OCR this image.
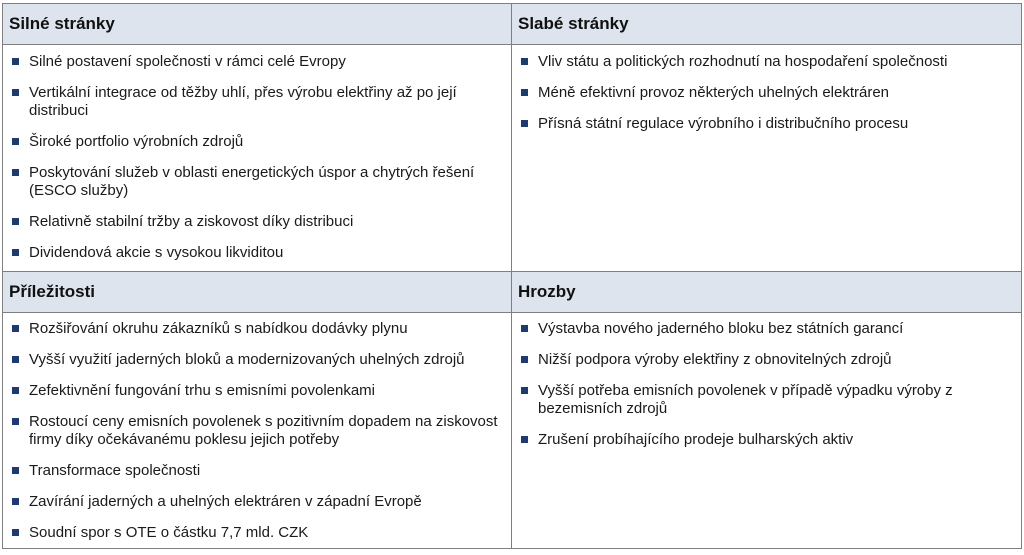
Silné stránky	Slabé stránky
Příležitosti	Hrozby
Silné postavení společnosti v rámci celé Evropy
Vertikální integrace od těžby uhlí, přes výrobu elektřiny až po její distribuci
Široké portfolio výrobních zdrojů
Poskytování služeb v oblasti energetických úspor a chytrých řešení (ESCO služby)
Relativně stabilní tržby a ziskovost díky distribuci
Dividendová akcie s vysokou likviditou
Vliv státu a politických rozhodnutí na hospodaření společnosti
Méně efektivní provoz některých uhelných elektráren
Přísná státní regulace výrobního i distribučního procesu
Rozšiřování okruhu zákazníků s nabídkou dodávky plynu
Vyšší využití jaderných bloků a modernizovaných uhelných zdrojů
Zefektivnění fungování trhu s emisními povolenkami
Rostoucí ceny emisních povolenek s pozitivním dopadem na ziskovost firmy díky očekávanému poklesu jejich potřeby
Transformace společnosti
Zavírání jaderných a uhelných elektráren v západní Evropě
Soudní spor s OTE o částku 7,7 mld. CZK
Výstavba nového jaderného bloku bez státních garancí
Nižší podpora výroby elektřiny z obnovitelných zdrojů
Vyšší potřeba emisních povolenek v případě výpadku výroby z bezemisních zdrojů
Zrušení probíhajícího prodeje bulharských aktiv
